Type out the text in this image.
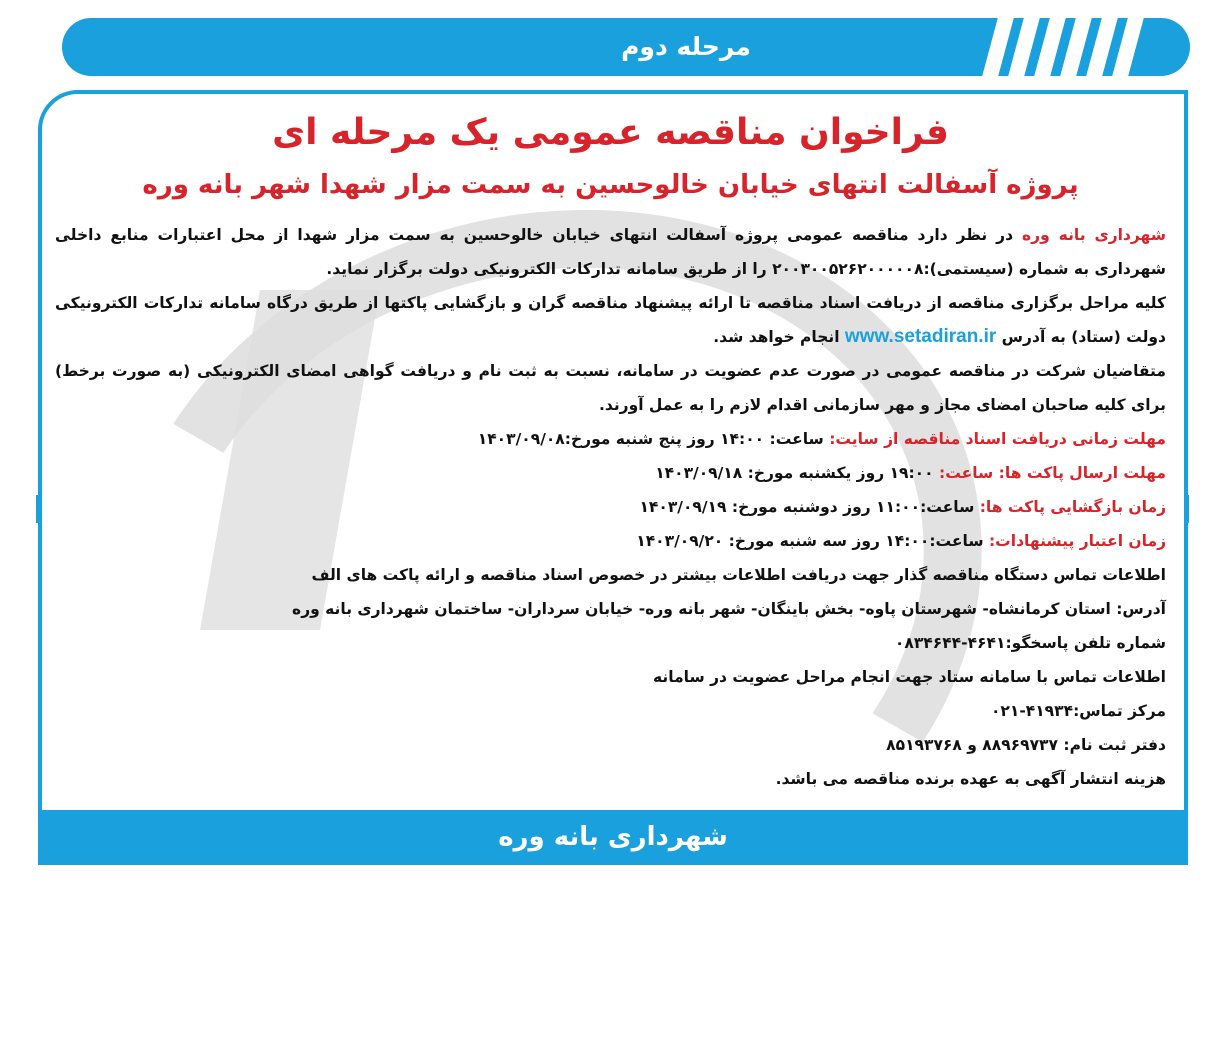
مرحله دوم
فراخوان مناقصه عمومی یک مرحله ای
پروژه آسفالت انتهای خیابان خالوحسین به سمت مزار شهدا شهر بانه وره

شهرداری بانه وره در نظر دارد مناقصه عمومی پروژه آسفالت انتهای خیابان خالوحسین به سمت مزار شهدا از محل اعتبارات منابع داخلی شهرداری به شماره (سیستمی):۲۰۰۳۰۰۵۲۶۲۰۰۰۰۰۸ را از طریق سامانه تدارکات الکترونیکی دولت برگزار نماید.

کلیه مراحل برگزاری مناقصه از دریافت اسناد مناقصه تا ارائه پیشنهاد مناقصه گران و بازگشایی پاکتها از طریق درگاه سامانه تدارکات الکترونیکی دولت (ستاد) به آدرس www.setadiran.ir انجام خواهد شد.

متقاضیان شرکت در مناقصه عمومی در صورت عدم عضویت در سامانه، نسبت به ثبت نام و دریافت گواهی امضای الکترونیکی (به صورت برخط) برای کلیه صاحبان امضای مجاز و مهر سازمانی اقدام لازم را به عمل آورند.

مهلت زمانی دریافت اسناد مناقصه از سایت: ساعت: ۱۴:۰۰ روز پنج شنبه مورخ:۱۴۰۳/۰۹/۰۸

مهلت ارسال پاکت ها: ساعت: ۱۹:۰۰ روز یکشنبه مورخ: ۱۴۰۳/۰۹/۱۸

زمان بازگشایی پاکت ها: ساعت:۱۱:۰۰ روز دوشنبه مورخ: ۱۴۰۳/۰۹/۱۹

زمان اعتبار پیشنهادات: ساعت:۱۴:۰۰ روز سه شنبه مورخ: ۱۴۰۳/۰۹/۲۰

اطلاعات تماس دستگاه مناقصه گذار جهت دریافت اطلاعات بیشتر در خصوص اسناد مناقصه و ارائه پاکت های الف

آدرس: استان کرمانشاه- شهرستان پاوه- بخش باینگان- شهر بانه وره- خیابان سرداران- ساختمان شهرداری بانه وره

شماره تلفن پاسخگو:۴۶۴۱-۰۸۳۴۶۴۴

اطلاعات تماس با سامانه ستاد جهت انجام مراحل عضویت در سامانه

مرکز تماس:۴۱۹۳۴-۰۲۱

دفتر ثبت نام: ۸۸۹۶۹۷۳۷ و ۸۵۱۹۳۷۶۸

هزینه انتشار آگهی به عهده برنده مناقصه می باشد.

شهرداری بانه وره
